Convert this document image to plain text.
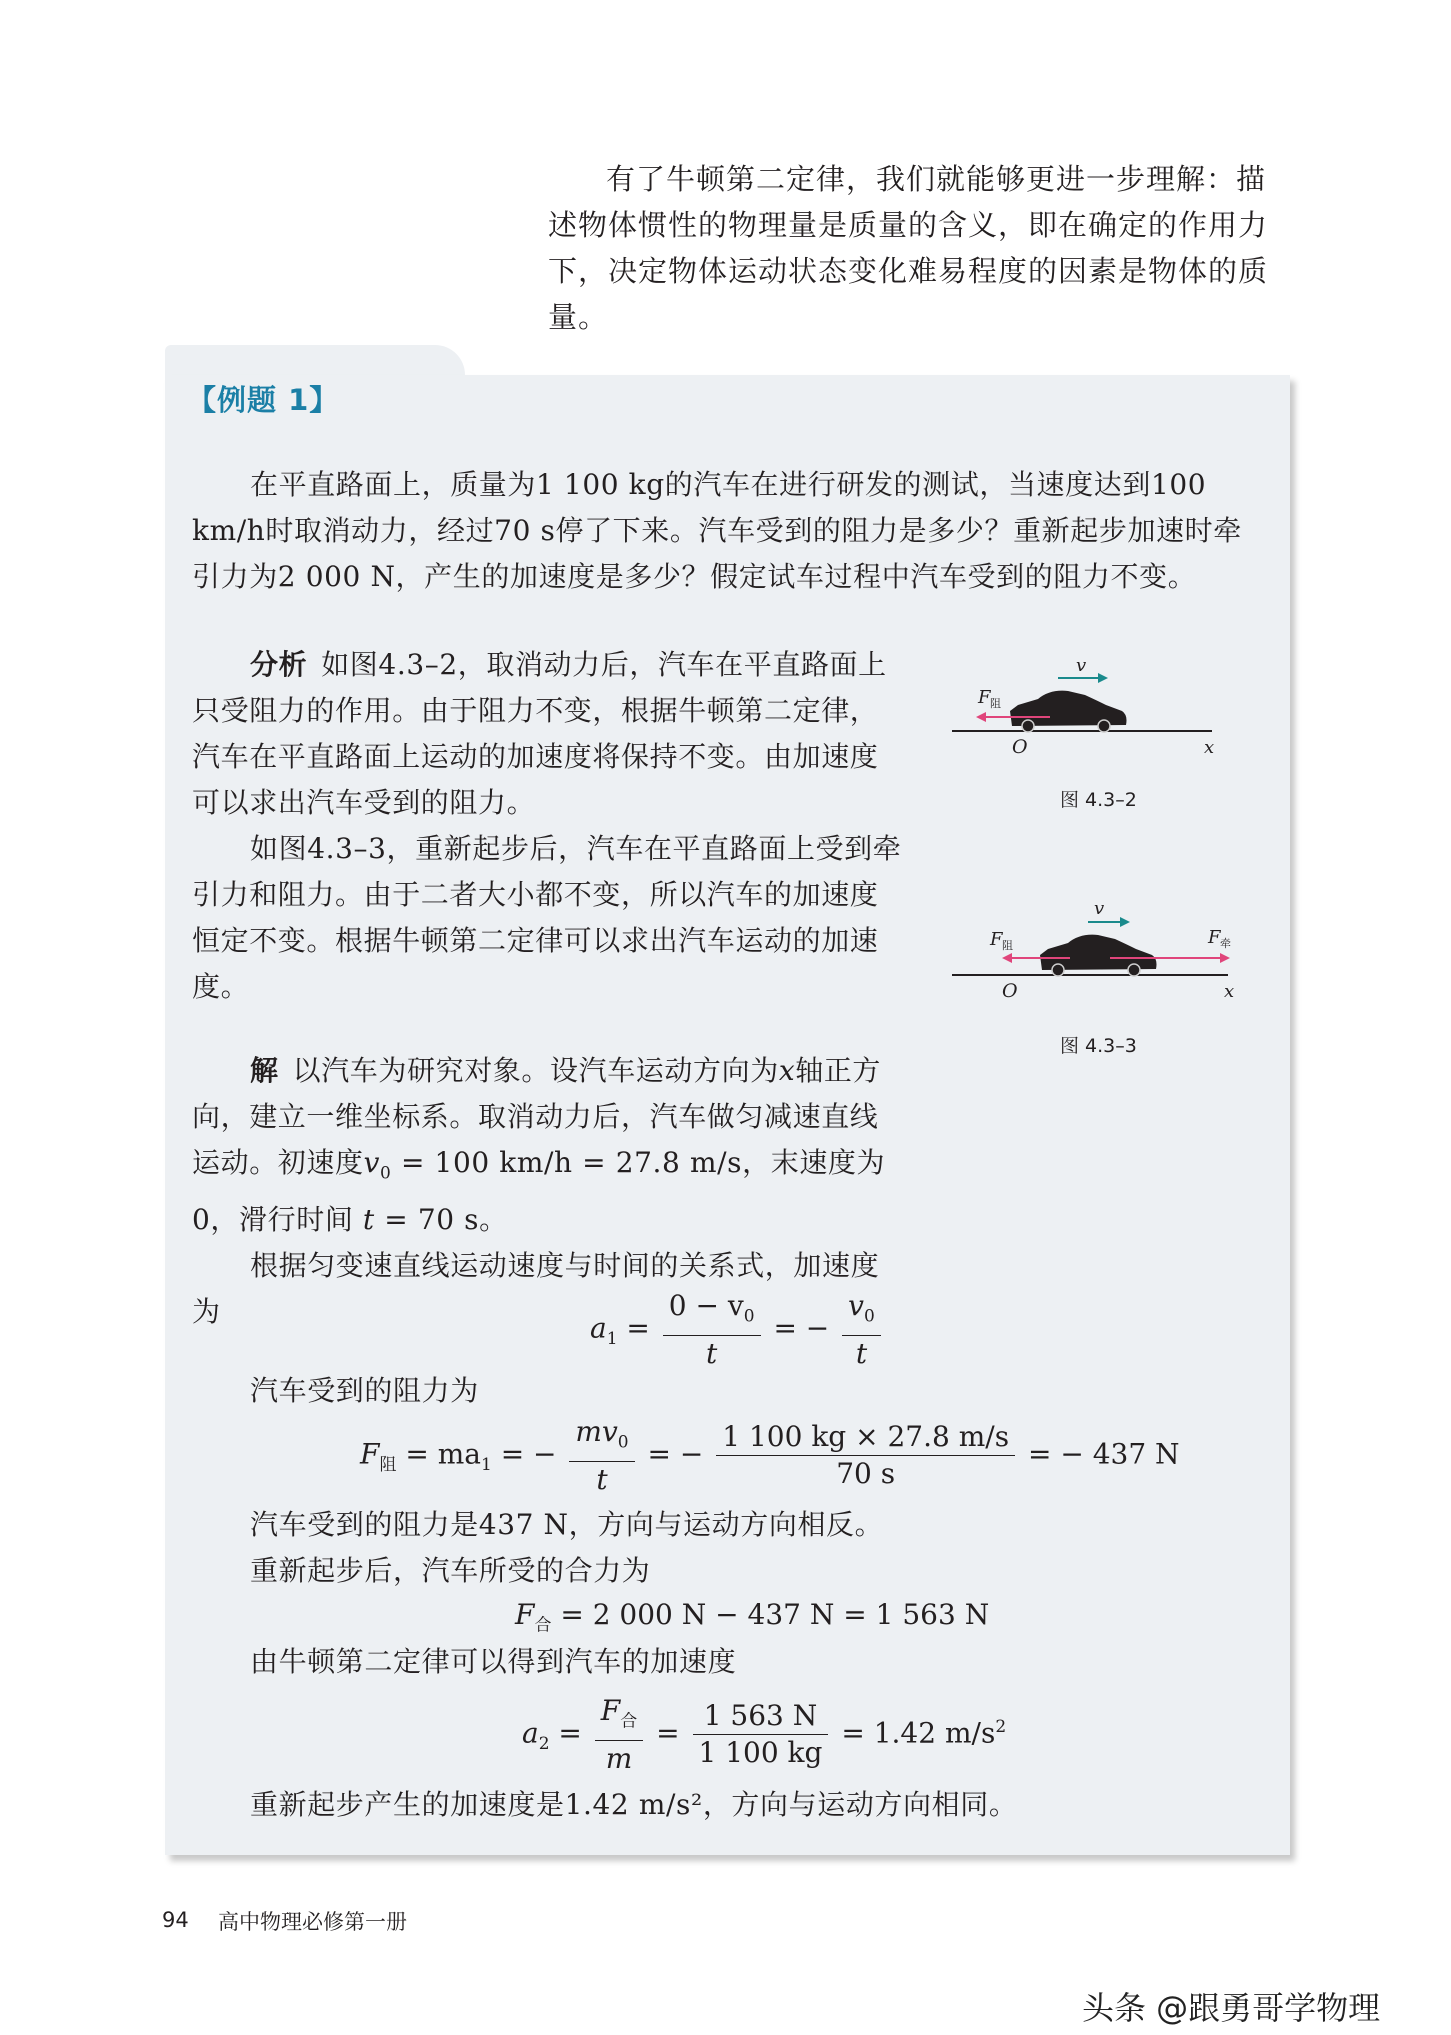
有了牛顿第二定律，我们就能够更进一步理解：描述物体惯性的物理量是质量的含义，即在确定的作用力下，决定物体运动状态变化难易程度的因素是物体的质量。

【例题 1】

在平直路面上，质量为1 100 kg的汽车在进行研发的测试，当速度达到100 km/h时取消动力，经过70 s停了下来。汽车受到的阻力是多少？重新起步加速时牵引力为2 000 N，产生的加速度是多少？假定试车过程中汽车受到的阻力不变。

分析 如图4.3–2，取消动力后，汽车在平直路面上只受阻力的作用。由于阻力不变，根据牛顿第二定律，汽车在平直路面上运动的加速度将保持不变。由加速度可以求出汽车受到的阻力。

如图4.3–3，重新起步后，汽车在平直路面上受到牵引力和阻力。由于二者大小都不变，所以汽车的加速度恒定不变。根据牛顿第二定律可以求出汽车运动的加速度。

解 以汽车为研究对象。设汽车运动方向为x轴正方向，建立一维坐标系。取消动力后，汽车做匀减速直线运动。初速度$v_0 = 100$ km/h = 27.8 m/s，末速度为0，滑行时间 t = 70 s。

根据匀变速直线运动速度与时间的关系式，加速度为

$a_1 = \frac{0 - v_0}{t}$ = − $\frac{v_0}{t}$
汽车受到的阻力为
$F_阻 = ma_1$ = − $\frac{mv_0}{t}$ = − $\frac{1 100 kg \times 27.8 m/s}{70 s}$ = − 437 N
汽车受到的阻力是437 N，方向与运动方向相反。
重新起步后，汽车所受的合力为
$F_合 = 2$ 000 N − 437 N = 1 563 N
由牛顿第二定律可以得到汽车的加速度
$a_2 = \frac{F_合}{m} = \frac{1 563 N}{1 100 kg} = 1.42$ $m/s^2$
重新起步产生的加速度是1.42 m/s²，方向与运动方向相同。
v
F 阻
O	x
图 4.3–2
v
F 阻	F 牵
O	x
图 4.3–3
94 高中物理必修第一册
头条 @跟勇哥学物理
